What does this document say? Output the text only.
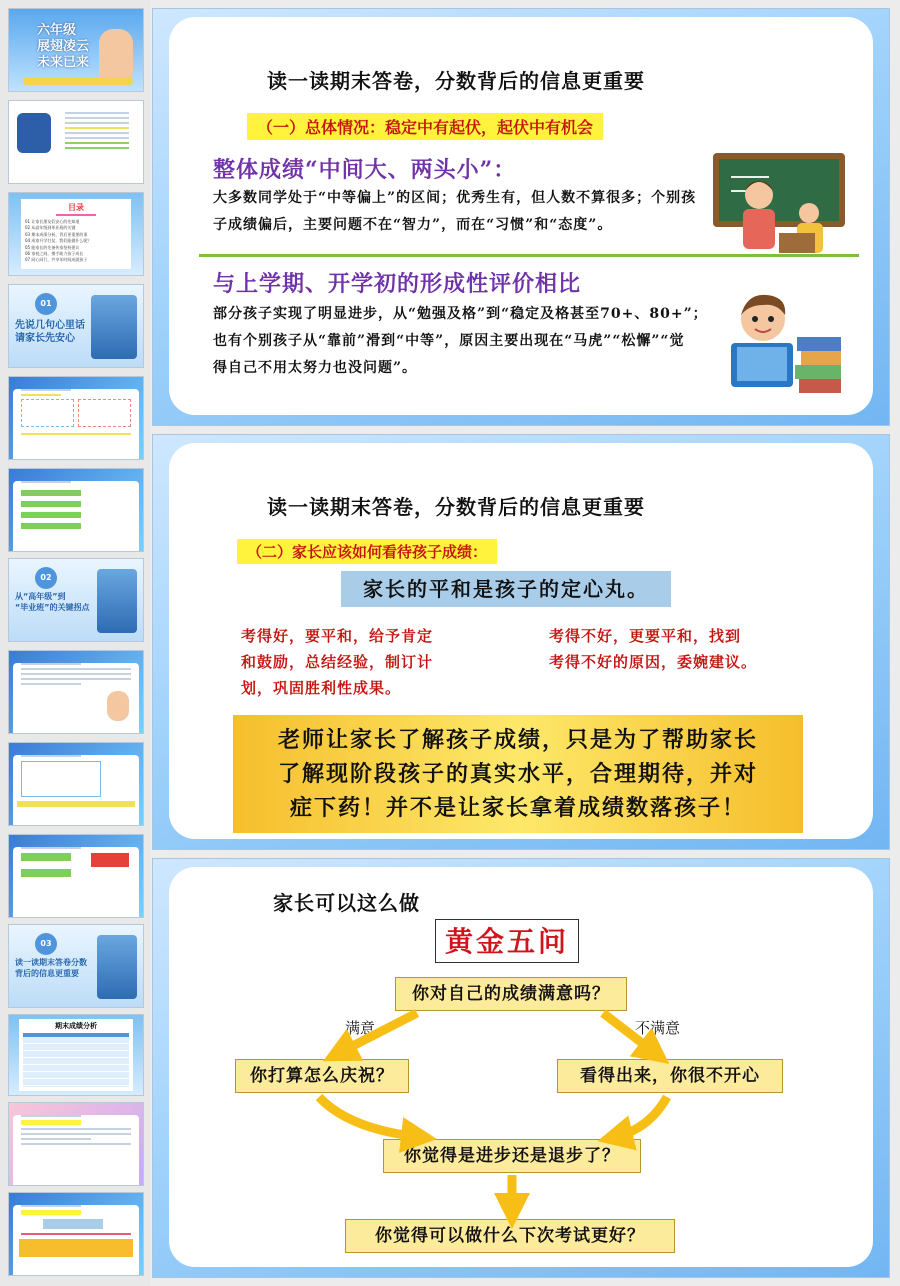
六年级
展翅凌云
未来已来
目录
01 让家长朋友们安心的先知道
02 从高年级到毕业班的关键
03 期末成绩分析，背后更重要的事
04 成家升学打仗，我们能做什么呢？
05 能家长的先备传家坚持建议
06 家校之间，携手助力孩子成长
07 同心同行，共享年时间成就孩子
01
先说几句心里话
请家长先安心
02
从“高年级”到
“毕业班”的关键拐点
03
读一读期末答卷分数
背后的信息更重要
期末成绩分析
读一读期末答卷，分数背后的信息更重要
（一）总体情况：稳定中有起伏，起伏中有机会
整体成绩“中间大、两头小”：
大多数同学处于“中等偏上”的区间；优秀生有，但人数不算很多；个别孩
子成绩偏后，主要问题不在“智力”，而在“习惯”和“态度”。
与上学期、开学初的形成性评价相比
部分孩子实现了明显进步，从“勉强及格”到“稳定及格甚至70+、80+”；
也有个别孩子从“靠前”滑到“中等”，原因主要出现在“马虎”“松懈”“觉
得自己不用太努力也没问题”。
读一读期末答卷，分数背后的信息更重要
（二）家长应该如何看待孩子成绩：
家长的平和是孩子的定心丸。
考得好，要平和，给予肯定
和鼓励，总结经验，制订计
划，巩固胜利性成果。
考得不好，更要平和，找到
考得不好的原因，委婉建议。
老师让家长了解孩子成绩，只是为了帮助家长
了解现阶段孩子的真实水平，合理期待，并对
症下药！并不是让家长拿着成绩数落孩子！
家长可以这么做
黄金五问
你对自己的成绩满意吗？
满意	不满意
你打算怎么庆祝？	看得出来，你很不开心
你觉得是进步还是退步了？
你觉得可以做什么下次考试更好？
